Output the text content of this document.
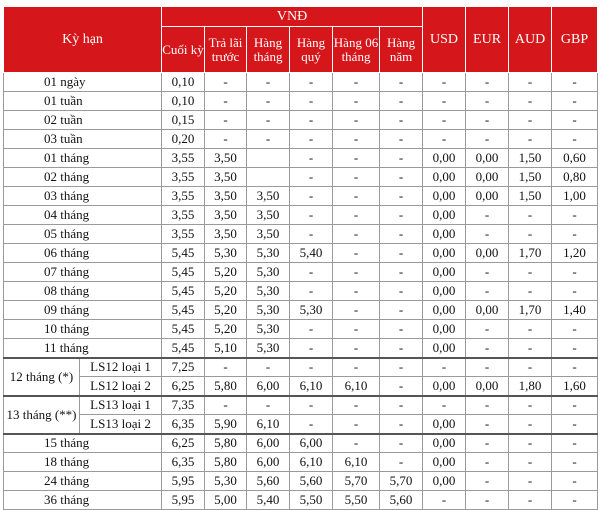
Kỳ hạn		VNĐ						USD	EUR	AUD	GBP
		Cuối kỳ	Trả lãi trước	Hàng tháng	Hàng quý	Hàng 06 tháng	Hàng năm				
01 ngày		0,10	-	-	-	-	-	-	-	-	-
01 tuần		0,10	-	-	-	-	-	-	-	-	-
02 tuần		0,15	-	-	-	-	-	-	-	-	-
03 tuần		0,20	-	-	-	-	-	-	-	-	-
01 tháng		3,55	3,50		-	-	-	0,00	0,00	1,50	0,60
02 tháng		3,55	3,50		-	-	-	0,00	0,00	1,50	0,80
03 tháng		3,55	3,50	3,50	-	-	-	0,00	0,00	1,50	1,00
04 tháng		3,55	3,50	3,50	-	-	-	0,00	-	-	-
05 tháng		3,55	3,50	3,50	-	-	-	0,00	-	-	-
06 tháng		5,45	5,30	5,30	5,40	-	-	0,00	0,00	1,70	1,20
07 tháng		5,45	5,20	5,30	-	-	-	0,00	-	-	-
08 tháng		5,45	5,20	5,30	-	-	-	0,00	-	-	-
09 tháng		5,45	5,20	5,30	5,30	-	-	0,00	0,00	1,70	1,40
10 tháng		5,45	5,20	5,30	-	-	-	0,00	-	-	-
11 tháng		5,45	5,10	5,30	-	-	-	0,00	-	-	-
12 tháng (*)	LS12 loại 1	7,25	-	-	-	-	-	-	-	-	-
	LS12 loại 2	6,25	5,80	6,00	6,10	6,10	-	0,00	0,00	1,80	1,60
13 tháng (**)	LS13 loại 1	7,35	-	-	-	-	-	-	-	-	-
	LS13 loại 2	6,35	5,90	6,10	-	-	-	0,00	-	-	-
15 tháng		6,25	5,80	6,00	6,00	-	-	0,00	-	-	-
18 tháng		6,35	5,80	6,00	6,10	6,10	-	0,00	-	-	-
24 tháng		5,95	5,30	5,60	5,60	5,70	5,70	0,00	-	-	-
36 tháng		5,95	5,00	5,40	5,50	5,50	5,60	-	-	-	-
